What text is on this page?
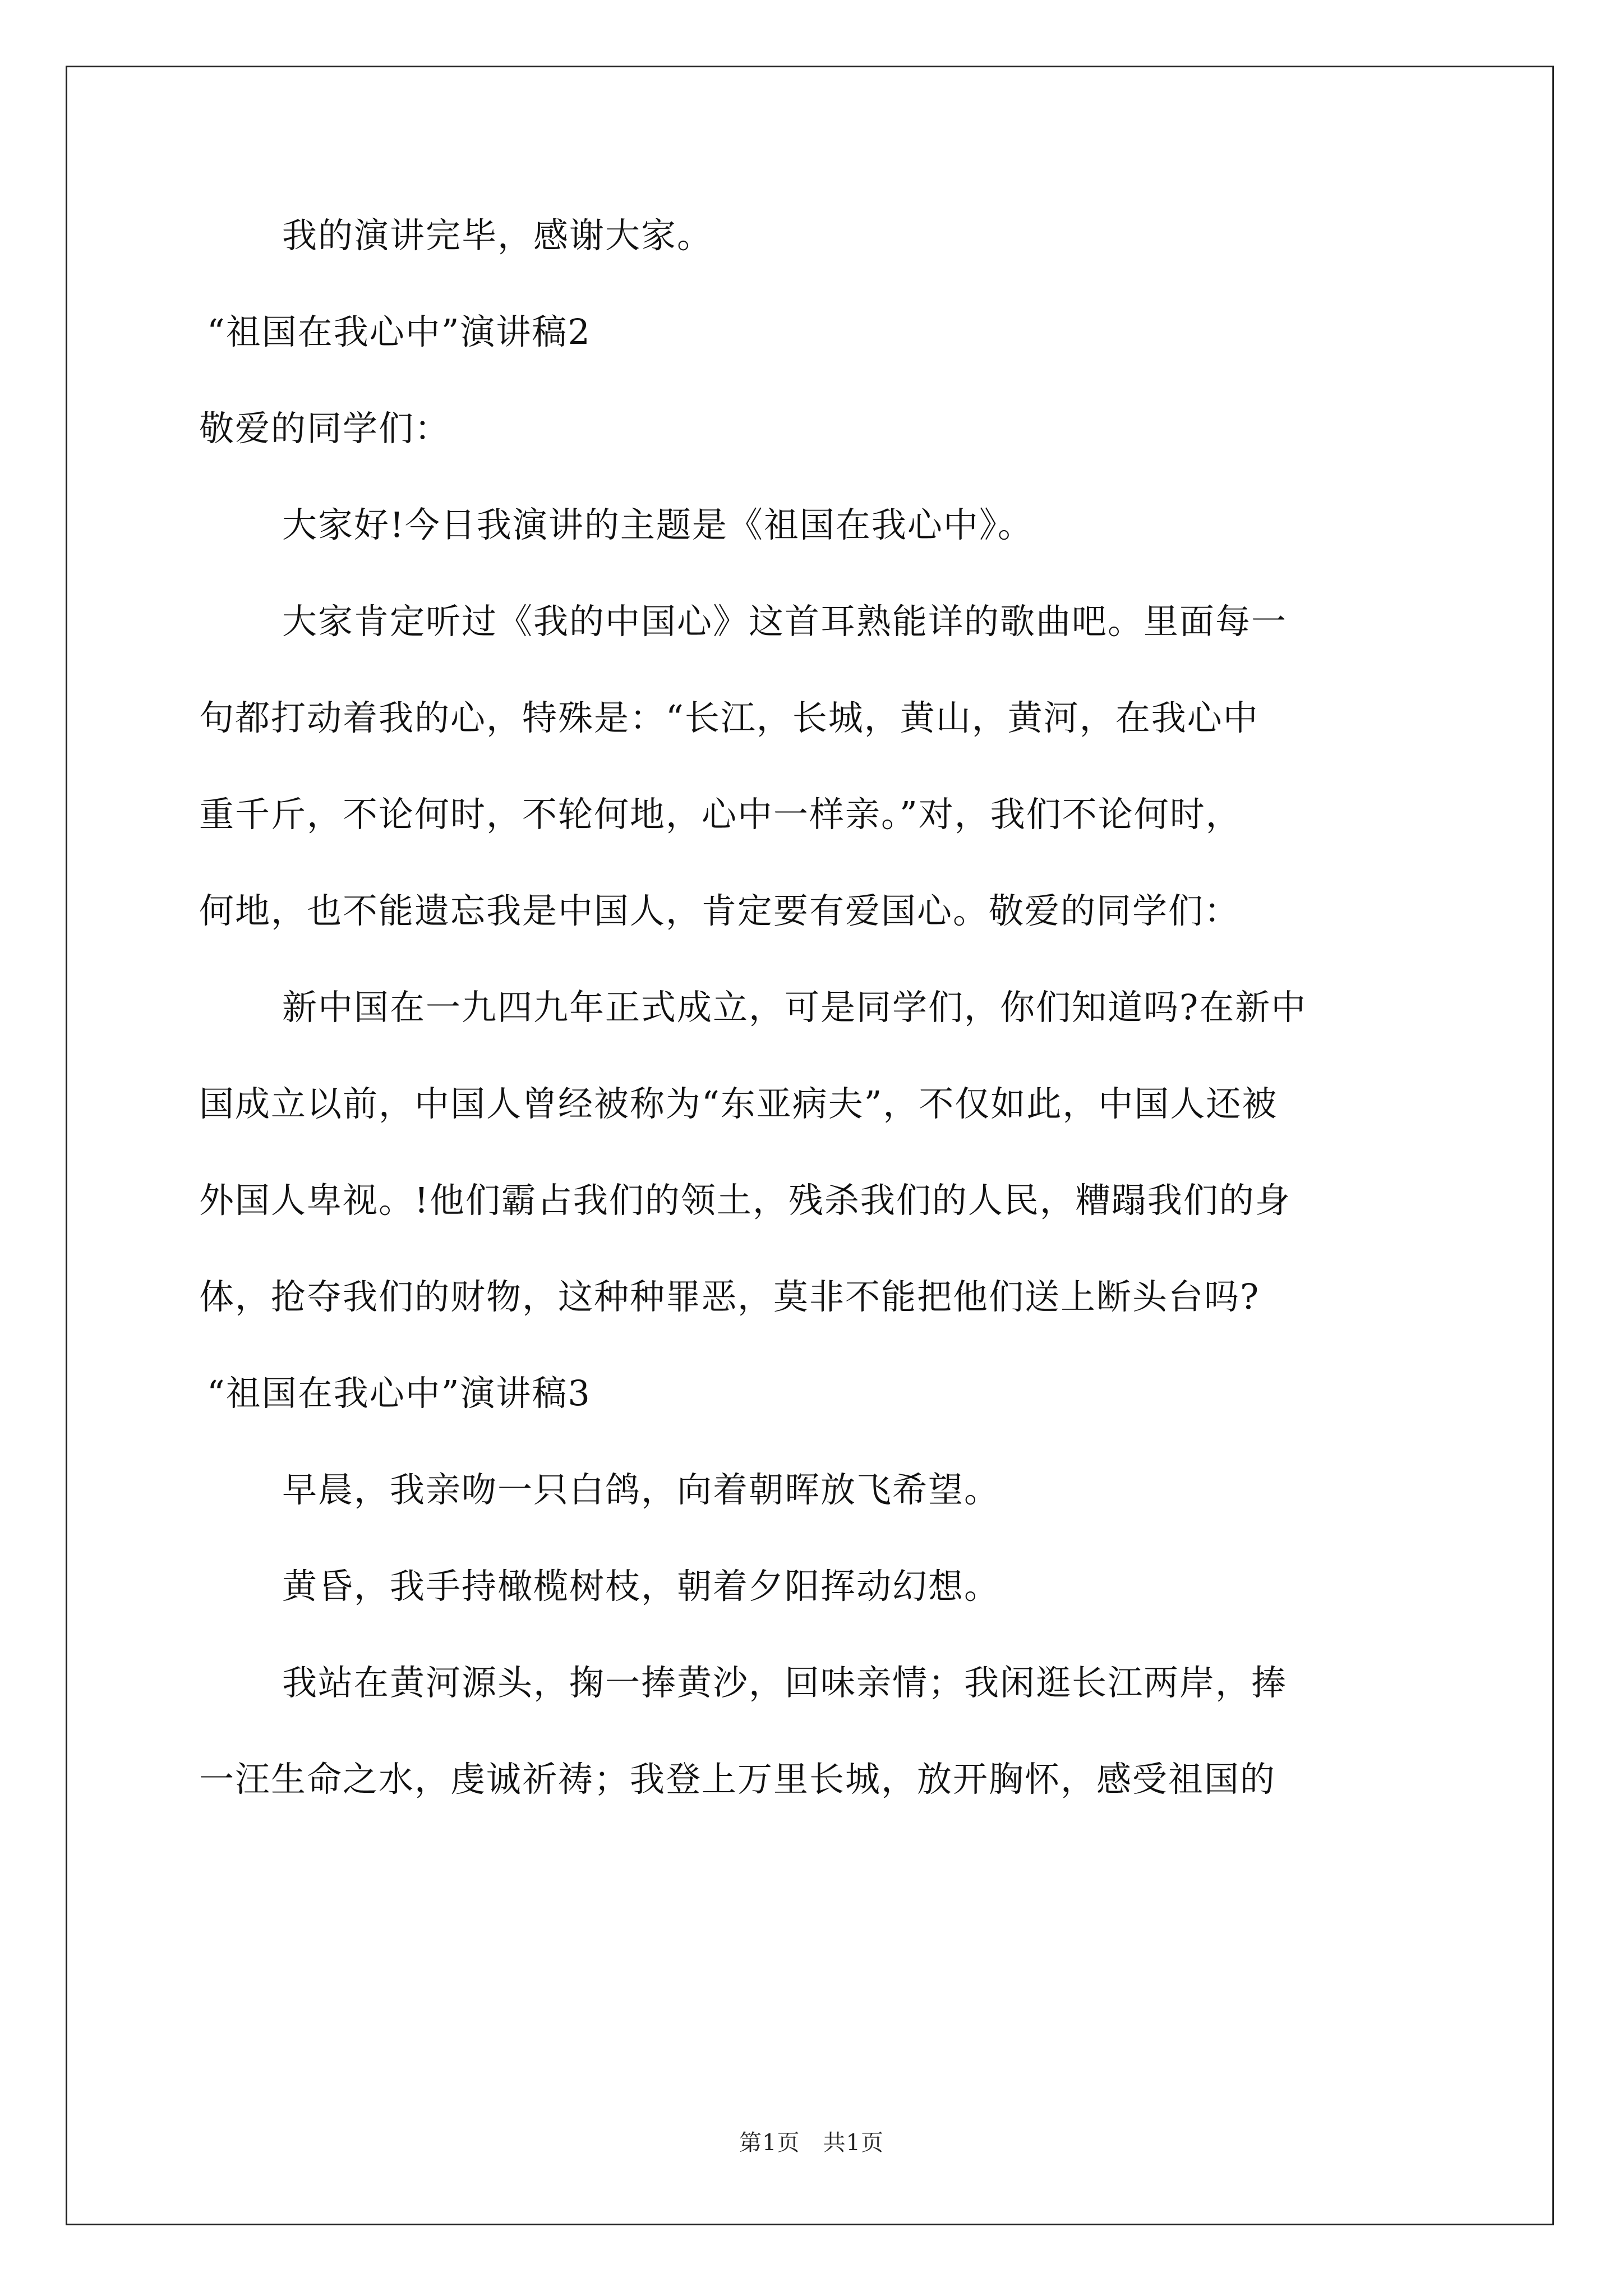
我的演讲完毕，感谢大家。
“祖国在我心中”演讲稿2
敬爱的同学们：
大家好!今日我演讲的主题是《祖国在我心中》。
大家肯定听过《我的中国心》这首耳熟能详的歌曲吧。里面每一
句都打动着我的心，特殊是：“长江，长城，黄山，黄河，在我心中
重千斤，不论何时，不轮何地，心中一样亲。”对，我们不论何时，
何地，也不能遗忘我是中国人，肯定要有爱国心。敬爱的同学们：
新中国在一九四九年正式成立，可是同学们，你们知道吗?在新中
国成立以前，中国人曾经被称为“东亚病夫”，不仅如此，中国人还被
外国人卑视。!他们霸占我们的领土，残杀我们的人民，糟蹋我们的身
体，抢夺我们的财物，这种种罪恶，莫非不能把他们送上断头台吗?
“祖国在我心中”演讲稿3
早晨，我亲吻一只白鸽，向着朝晖放飞希望。
黄昏，我手持橄榄树枝，朝着夕阳挥动幻想。
我站在黄河源头，掬一捧黄沙，回味亲情；我闲逛长江两岸，捧
一汪生命之水，虔诚祈祷；我登上万里长城，放开胸怀，感受祖国的
第1页　共1页
